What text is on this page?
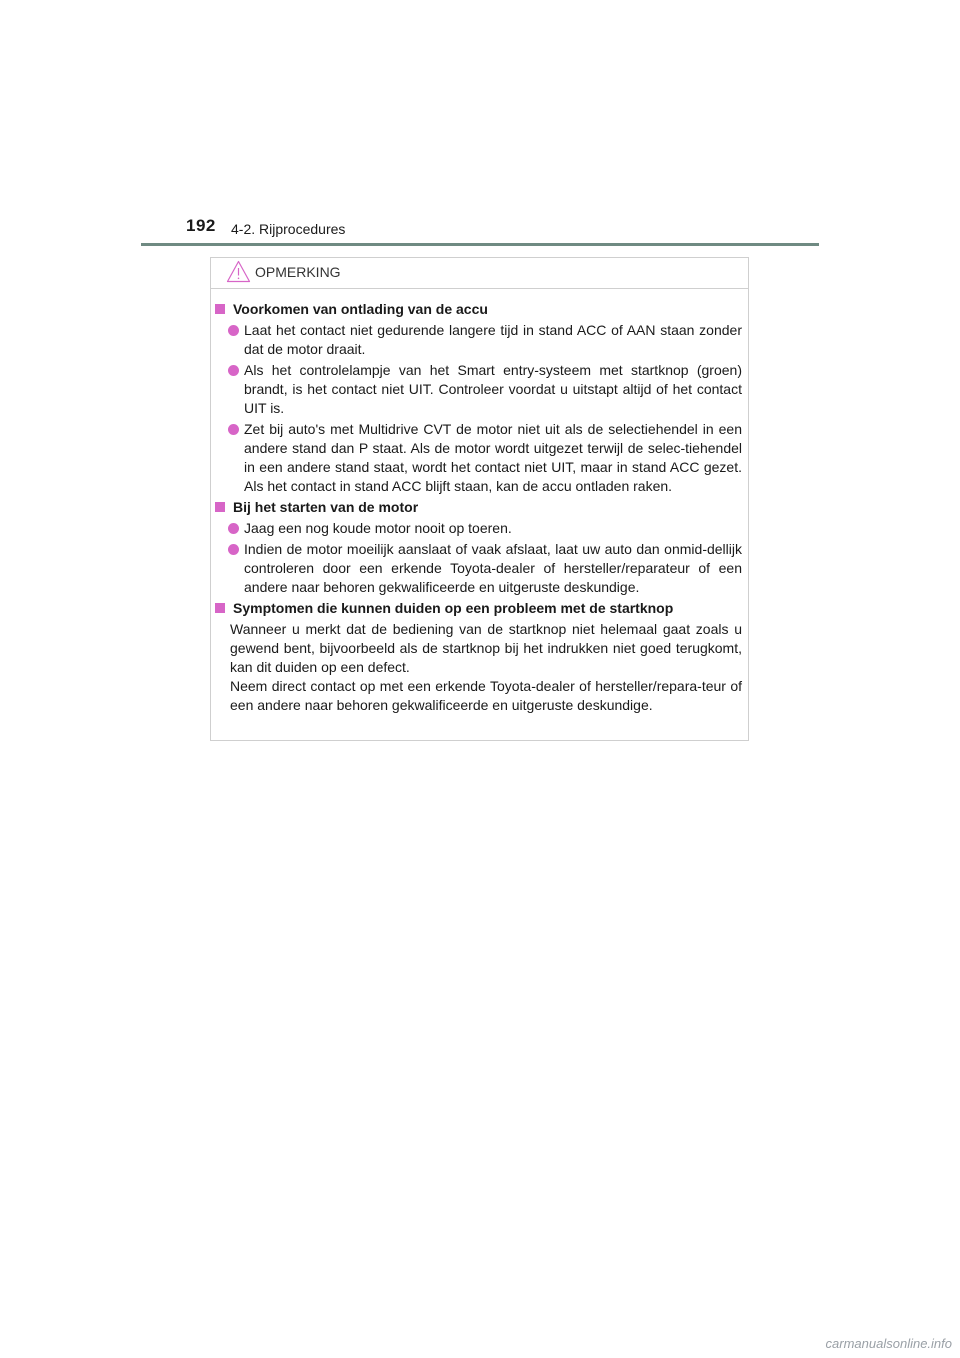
192 4-2. Rijprocedures
OPMERKING
Voorkomen van ontlading van de accu
Laat het contact niet gedurende langere tijd in stand ACC of AAN staan zonder dat de motor draait.
Als het controlelampje van het Smart entry-systeem met startknop (groen) brandt, is het contact niet UIT. Controleer voordat u uitstapt altijd of het contact UIT is.
Zet bij auto's met Multidrive CVT de motor niet uit als de selectiehendel in een andere stand dan P staat. Als de motor wordt uitgezet terwijl de selec-tiehendel in een andere stand staat, wordt het contact niet UIT, maar in stand ACC gezet. Als het contact in stand ACC blijft staan, kan de accu ontladen raken.
Bij het starten van de motor
Jaag een nog koude motor nooit op toeren.
Indien de motor moeilijk aanslaat of vaak afslaat, laat uw auto dan onmid-dellijk controleren door een erkende Toyota-dealer of hersteller/reparateur of een andere naar behoren gekwalificeerde en uitgeruste deskundige.
Symptomen die kunnen duiden op een probleem met de startknop

Wanneer u merkt dat de bediening van de startknop niet helemaal gaat zoals u gewend bent, bijvoorbeeld als de startknop bij het indrukken niet goed terugkomt, kan dit duiden op een defect.

Neem direct contact op met een erkende Toyota-dealer of hersteller/repara-teur of een andere naar behoren gekwalificeerde en uitgeruste deskundige.

carmanualsonline.info
